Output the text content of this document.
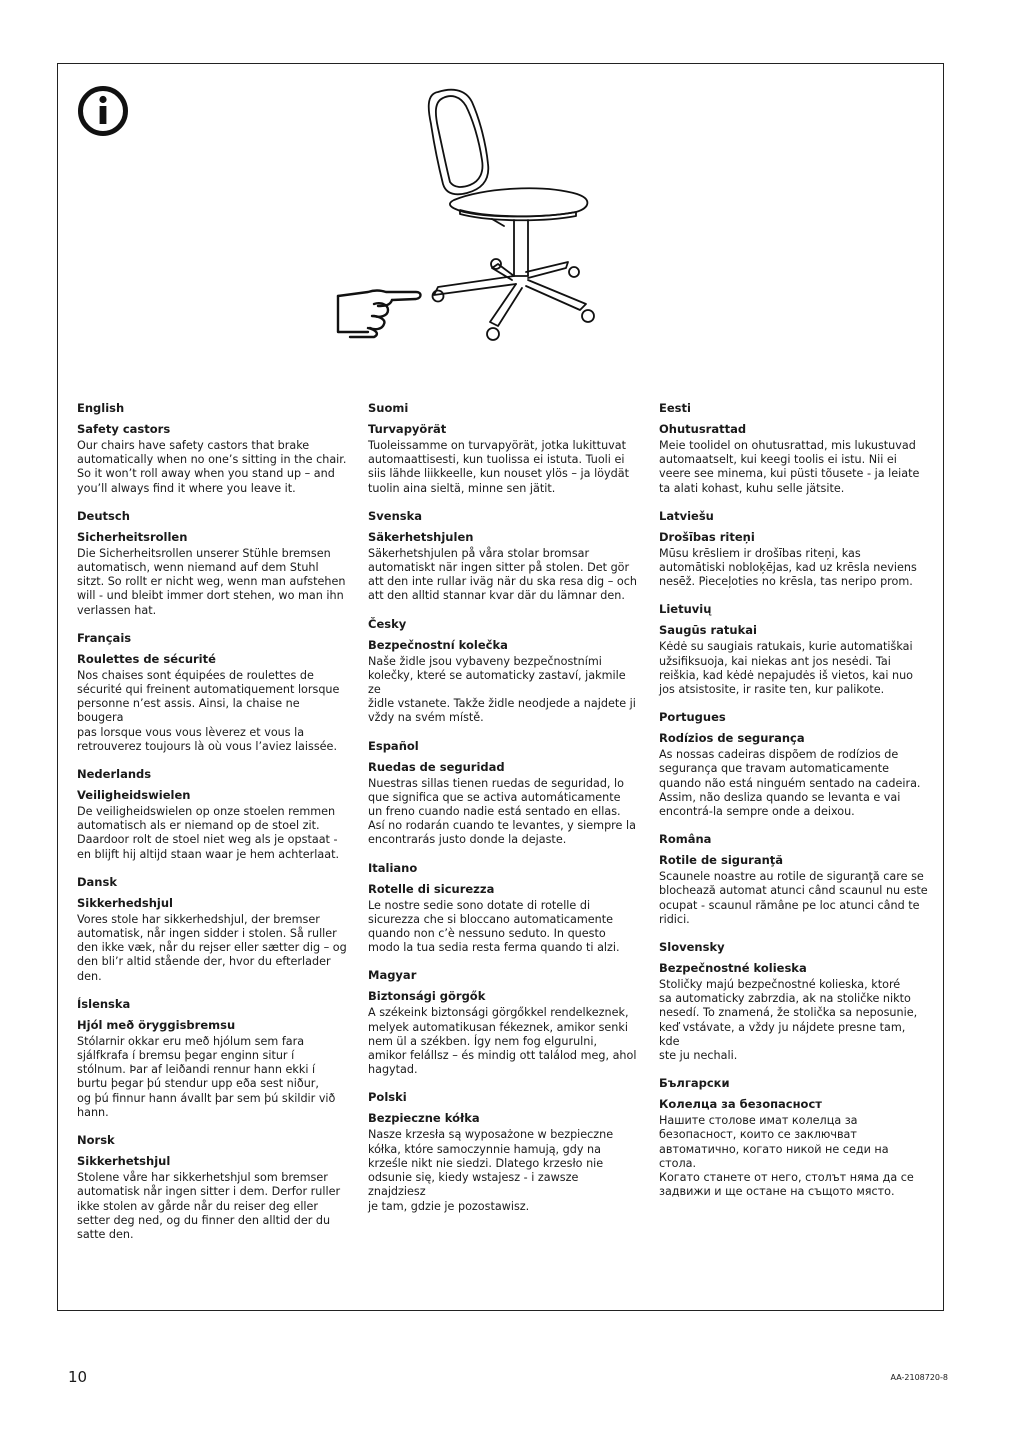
English
Safety castors

Our chairs have safety castors that brake
automatically when no one’s sitting in the chair.
So it won’t roll away when you stand up – and
you’ll always find it where you leave it.

Deutsch
Sicherheitsrollen

Die Sicherheitsrollen unserer Stühle bremsen
automatisch, wenn niemand auf dem Stuhl
sitzt. So rollt er nicht weg, wenn man aufstehen
will - und bleibt immer dort stehen, wo man ihn
verlassen hat.

Français
Roulettes de sécurité

Nos chaises sont équipées de roulettes de
sécurité qui freinent automatiquement lorsque
personne n’est assis. Ainsi, la chaise ne bougera
pas lorsque vous vous lèverez et vous la
retrouverez toujours là où vous l’aviez laissée.

Nederlands
Veiligheidswielen

De veiligheidswielen op onze stoelen remmen
automatisch als er niemand op de stoel zit.
Daardoor rolt de stoel niet weg als je opstaat -
en blijft hij altijd staan waar je hem achterlaat.

Dansk
Sikkerhedshjul

Vores stole har sikkerhedshjul, der bremser
automatisk, når ingen sidder i stolen. Så ruller
den ikke væk, når du rejser eller sætter dig – og
den bli’r altid stående der, hvor du efterlader
den.

Íslenska
Hjól með öryggisbremsu

Stólarnir okkar eru með hjólum sem fara
sjálfkrafa í bremsu þegar enginn situr í
stólnum. Þar af leiðandi rennur hann ekki í
burtu þegar þú stendur upp eða sest niður,
og þú finnur hann ávallt þar sem þú skildir við
hann.

Norsk
Sikkerhetshjul

Stolene våre har sikkerhetshjul som bremser
automatisk når ingen sitter i dem. Derfor ruller
ikke stolen av gårde når du reiser deg eller
setter deg ned, og du finner den alltid der du
satte den.

Suomi
Turvapyörät

Tuoleissamme on turvapyörät, jotka lukittuvat
automaattisesti, kun tuolissa ei istuta. Tuoli ei
siis lähde liikkeelle, kun nouset ylös – ja löydät
tuolin aina sieltä, minne sen jätit.

Svenska
Säkerhetshjulen

Säkerhetshjulen på våra stolar bromsar
automatiskt när ingen sitter på stolen. Det gör
att den inte rullar iväg när du ska resa dig – och
att den alltid stannar kvar där du lämnar den.

Česky
Bezpečnostní kolečka

Naše židle jsou vybaveny bezpečnostními
kolečky, které se automaticky zastaví, jakmile ze
židle vstanete. Takže židle neodjede a najdete ji
vždy na svém místě.

Español
Ruedas de seguridad

Nuestras sillas tienen ruedas de seguridad, lo
que significa que se activa automáticamente
un freno cuando nadie está sentado en ellas.
Así no rodarán cuando te levantes, y siempre la
encontrarás justo donde la dejaste.

Italiano
Rotelle di sicurezza

Le nostre sedie sono dotate di rotelle di
sicurezza che si bloccano automaticamente
quando non c’è nessuno seduto. In questo
modo la tua sedia resta ferma quando ti alzi.

Magyar
Biztonsági görgők

A székeink biztonsági görgőkkel rendelkeznek,
melyek automatikusan fékeznek, amikor senki
nem ül a székben. Így nem fog elgurulni,
amikor felállsz – és mindig ott találod meg, ahol
hagytad.

Polski
Bezpieczne kółka

Nasze krzesła są wyposażone w bezpieczne
kółka, które samoczynnie hamują, gdy na
krześle nikt nie siedzi. Dlatego krzesło nie
odsunie się, kiedy wstajesz - i zawsze znajdziesz
je tam, gdzie je pozostawisz.

Eesti
Ohutusrattad

Meie toolidel on ohutusrattad, mis lukustuvad
automaatselt, kui keegi toolis ei istu. Nii ei
veere see minema, kui püsti tõusete - ja leiate
ta alati kohast, kuhu selle jätsite.

Latviešu
Drošības riteņi

Mūsu krēsliem ir drošības riteņi, kas
automātiski nobloķējas, kad uz krēsla neviens
nesēž. Pieceļoties no krēsla, tas neripo prom.

Lietuvių
Saugūs ratukai

Kėdė su saugiais ratukais, kurie automatiškai
užsifiksuoja, kai niekas ant jos nesėdi. Tai
reiškia, kad kėdė nepajudės iš vietos, kai nuo
jos atsistosite, ir rasite ten, kur palikote.

Portugues
Rodízios de segurança

As nossas cadeiras dispõem de rodízios de
segurança que travam automaticamente
quando não está ninguém sentado na cadeira.
Assim, não desliza quando se levanta e vai
encontrá-la sempre onde a deixou.

Româna
Rotile de siguranţă

Scaunele noastre au rotile de siguranţă care se
blochează automat atunci când scaunul nu este
ocupat - scaunul rămâne pe loc atunci când te
ridici.

Slovensky
Bezpečnostné kolieska

Stoličky majú bezpečnostné kolieska, ktoré
sa automaticky zabrzdia, ak na stoličke nikto
nesedí. To znamená, že stolička sa neposunie,
keď vstávate, a vždy ju nájdete presne tam, kde
ste ju nechali.

Български
Колелца за безопасност

Нашите столове имат колелца за
безопасност, които се заключват
автоматично, когато никой не седи на стола.
Когато станете от него, столът няма да се
задвижи и ще остане на същото място.

10	AA-2108720-8
